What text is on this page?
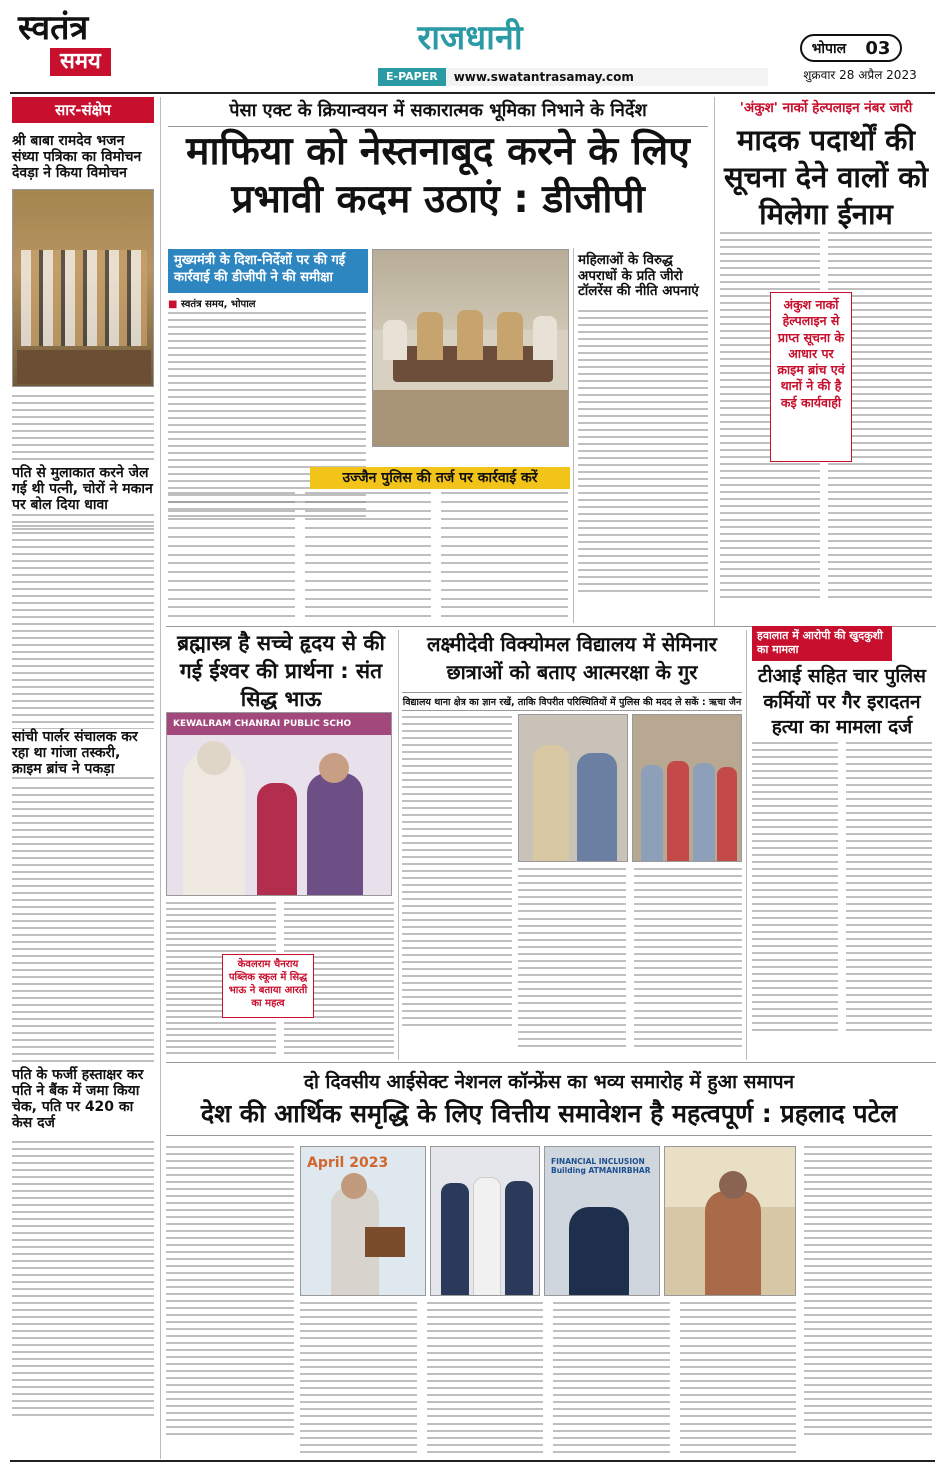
स्वतंत्र
समय
राजधानी
E-PAPER	www.swatantrasamay.com
भोपाल 03
शुक्रवार 28 अप्रैल 2023
सार-संक्षेप
श्री बाबा रामदेव भजन संध्या पत्रिका का विमोचन देवड़ा ने किया विमोचन
पति से मुलाकात करने जेल गई थी पत्नी, चोरों ने मकान पर बोल दिया धावा
सांची पार्लर संचालक कर रहा था गांजा तस्करी, क्राइम ब्रांच ने पकड़ा
पति के फर्जी हस्ताक्षर कर पति ने बैंक में जमा किया चेक, पति पर 420 का केस दर्ज
पेसा एक्ट के क्रियान्वयन में सकारात्मक भूमिका निभाने के निर्देश
माफिया को नेस्तनाबूद करने के लिए प्रभावी कदम उठाएं : डीजीपी
मुख्यमंत्री के दिशा-निर्देशों पर की गई कार्रवाई की डीजीपी ने की समीक्षा
■ स्वतंत्र समय, भोपाल
महिलाओं के विरुद्ध अपराधों के प्रति जीरो टॉलरेंस की नीति अपनाएं
उज्जैन पुलिस की तर्ज पर कार्रवाई करें
'अंकुश' नार्को हेल्पलाइन नंबर जारी
मादक पदार्थों की सूचना देने वालों को मिलेगा ईनाम
अंकुश नार्को हेल्पलाइन से प्राप्त सूचना के आधार पर क्राइम ब्रांच एवं थानों ने की है कई कार्यवाही
ब्रह्मास्त्र है सच्चे हृदय से की गई ईश्वर की प्रार्थना : संत सिद्ध भाऊ
KEWALRAM CHANRAI PUBLIC SCHO
केवलराम चैनराय पब्लिक स्कूल में सिद्ध भाऊ ने बताया आरती का महत्व
लक्ष्मीदेवी विक्योमल विद्यालय में सेमिनार छात्राओं को बताए आत्मरक्षा के गुर
विद्यालय थाना क्षेत्र का ज्ञान रखें, ताकि विपरीत परिस्थितियों में पुलिस की मदद ले सकें : ऋचा जैन
हवालात में आरोपी की खुदकुशी का मामला
टीआई सहित चार पुलिस कर्मियों पर गैर इरादतन हत्या का मामला दर्ज
दो दिवसीय आईसेक्ट नेशनल कॉन्फ्रेंस का भव्य समारोह में हुआ समापन
देश की आर्थिक समृद्धि के लिए वित्तीय समावेशन है महत्वपूर्ण : प्रहलाद पटेल
April 2023	FINANCIAL INCLUSION Building ATMANIRBHAR
